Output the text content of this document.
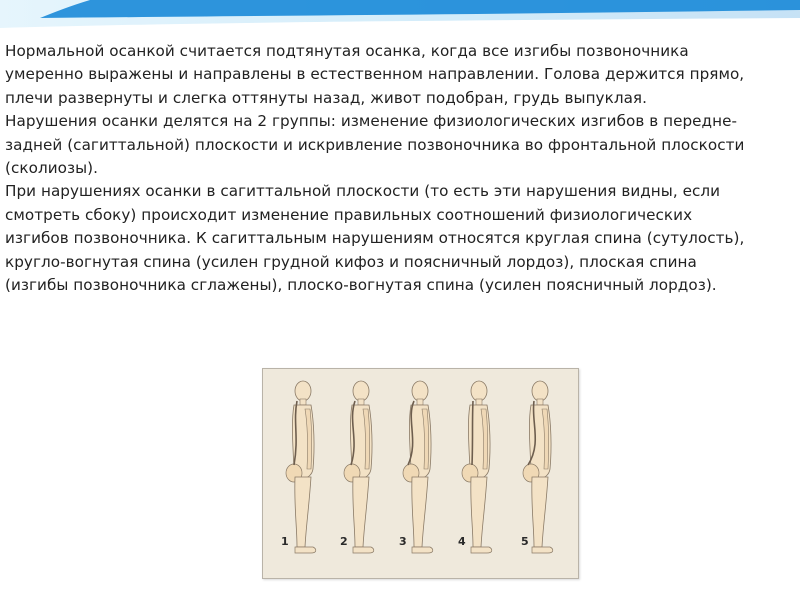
Нормальной осанкой считается подтянутая осанка, когда все изгибы позвоночника умеренно выражены и направлены в естественном направлении. Голова держится прямо, плечи развернуты и слегка оттянуты назад, живот подобран, грудь выпуклая.
Нарушения осанки делятся на 2 группы: изменение физиологических изгибов в передне-задней (сагиттальной) плоскости и искривление позвоночника во фронтальной плоскости (сколиозы).
При нарушениях осанки в сагиттальной плоскости (то есть эти нарушения видны, если смотреть сбоку) происходит изменение правильных соотношений физиологических изгибов позвоночника. К сагиттальным нарушениям относятся круглая спина (сутулость), кругло-вогнутая спина (усилен грудной кифоз и поясничный лордоз), плоская спина (изгибы позвоночника сглажены), плоско-вогнутая спина (усилен поясничный лордоз).
1	2	3	4	5
